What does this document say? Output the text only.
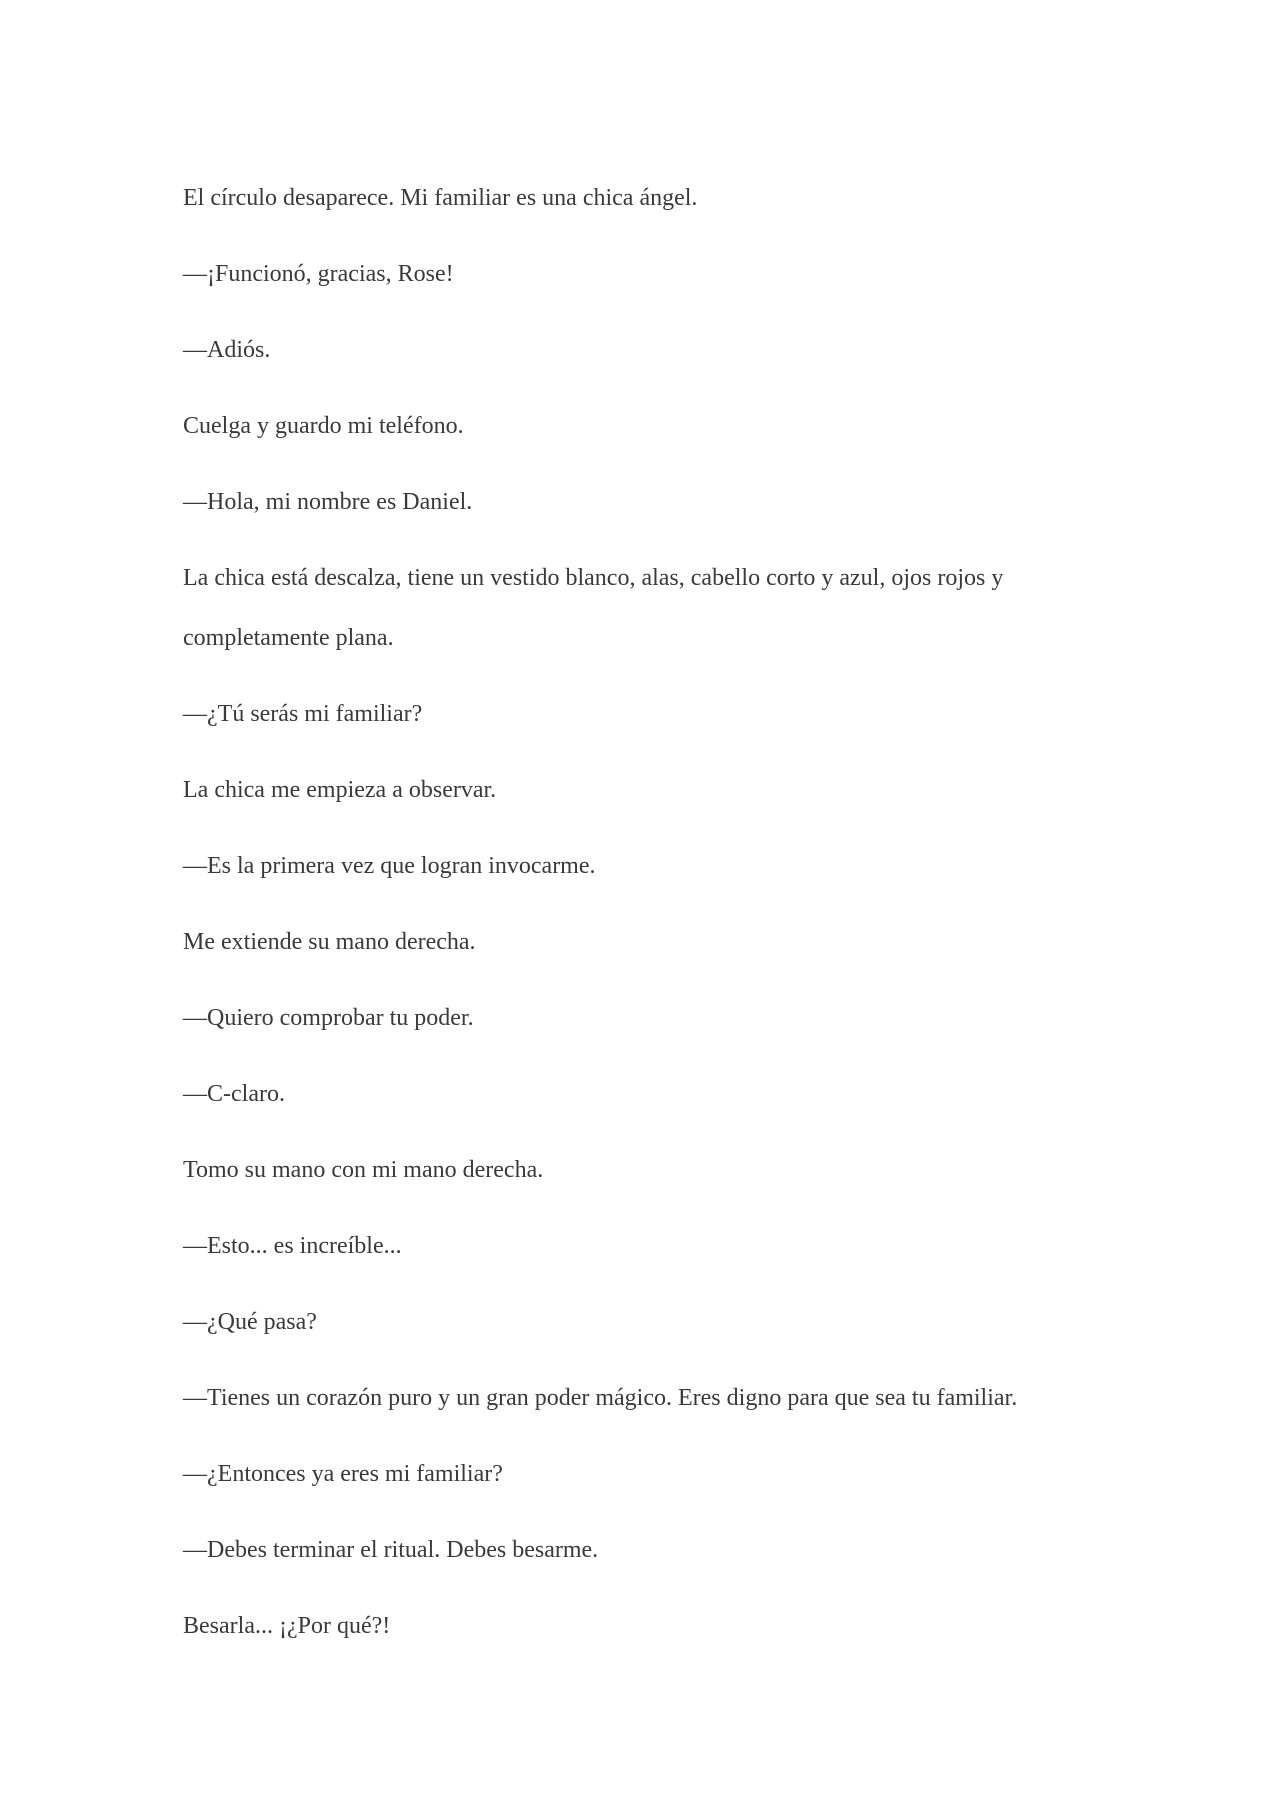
El círculo desaparece. Mi familiar es una chica ángel.

—¡Funcionó, gracias, Rose!

—Adiós.

Cuelga y guardo mi teléfono.

—Hola, mi nombre es Daniel.

La chica está descalza, tiene un vestido blanco, alas, cabello corto y azul, ojos rojos y completamente plana.

—¿Tú serás mi familiar?

La chica me empieza a observar.

—Es la primera vez que logran invocarme.

Me extiende su mano derecha.

—Quiero comprobar tu poder.

—C-claro.

Tomo su mano con mi mano derecha.

—Esto... es increíble...

—¿Qué pasa?

—Tienes un corazón puro y un gran poder mágico. Eres digno para que sea tu familiar.

—¿Entonces ya eres mi familiar?

—Debes terminar el ritual. Debes besarme.

Besarla... ¡¿Por qué?!
